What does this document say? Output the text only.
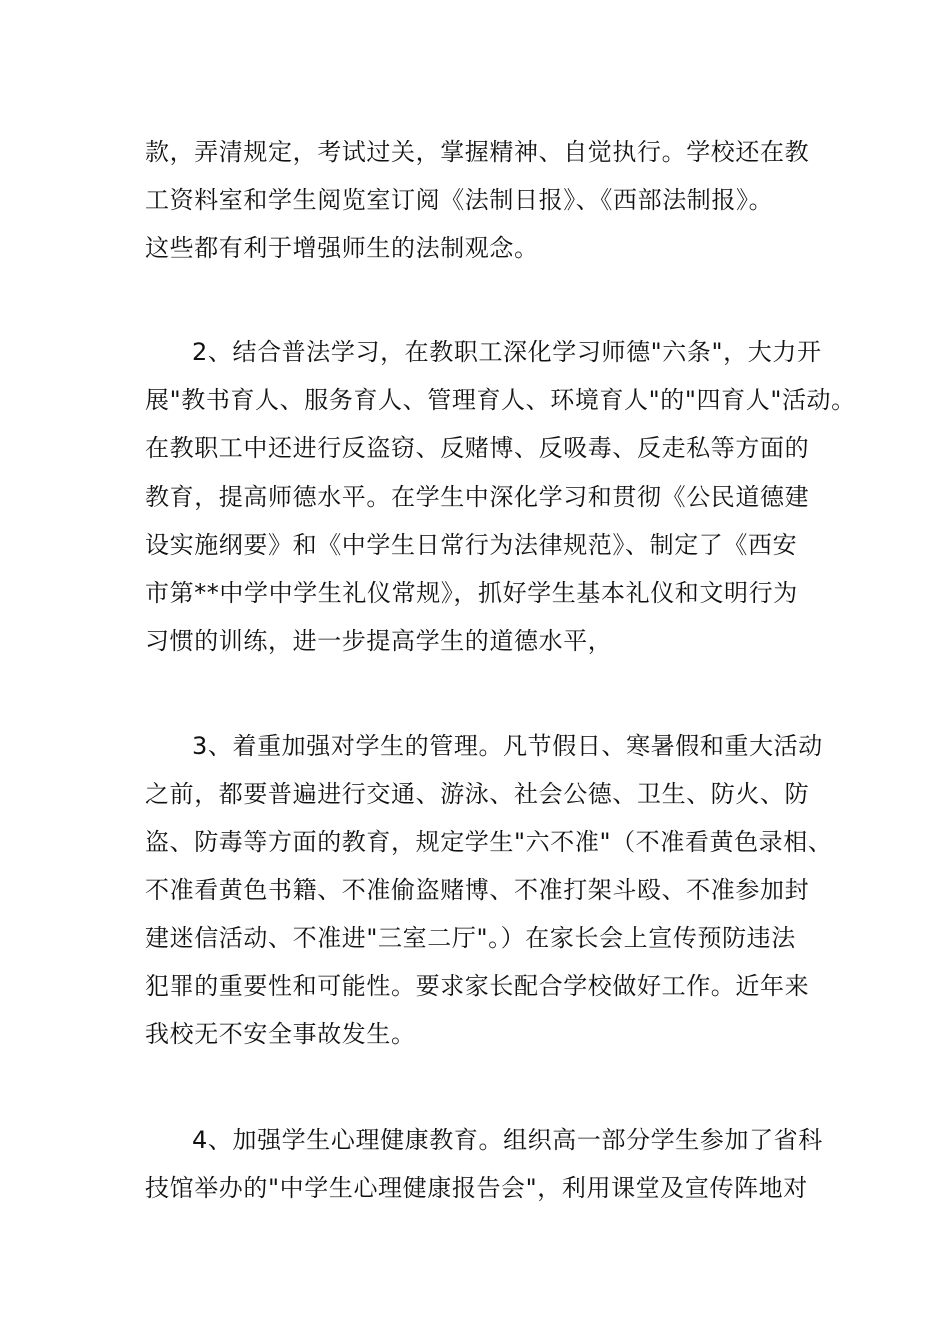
款，弄清规定，考试过关，掌握精神、自觉执行。学校还在教

工资料室和学生阅览室订阅《法制日报》、《西部法制报》。

这些都有利于增强师生的法制观念。

2、结合普法学习，在教职工深化学习师德"六条"，大力开

展"教书育人、服务育人、管理育人、环境育人"的"四育人"活动。

在教职工中还进行反盗窃、反赌博、反吸毒、反走私等方面的

教育，提高师德水平。在学生中深化学习和贯彻《公民道德建

设实施纲要》和《中学生日常行为法律规范》、制定了《西安

市第**中学中学生礼仪常规》，抓好学生基本礼仪和文明行为

习惯的训练，进一步提高学生的道德水平，

3、着重加强对学生的管理。凡节假日、寒暑假和重大活动

之前，都要普遍进行交通、游泳、社会公德、卫生、防火、防

盗、防毒等方面的教育，规定学生"六不准"（不准看黄色录相、

不准看黄色书籍、不准偷盗赌博、不准打架斗殴、不准参加封

建迷信活动、不准进"三室二厅"。）在家长会上宣传预防违法

犯罪的重要性和可能性。要求家长配合学校做好工作。近年来

我校无不安全事故发生。

4、加强学生心理健康教育。组织高一部分学生参加了省科

技馆举办的"中学生心理健康报告会"，利用课堂及宣传阵地对
